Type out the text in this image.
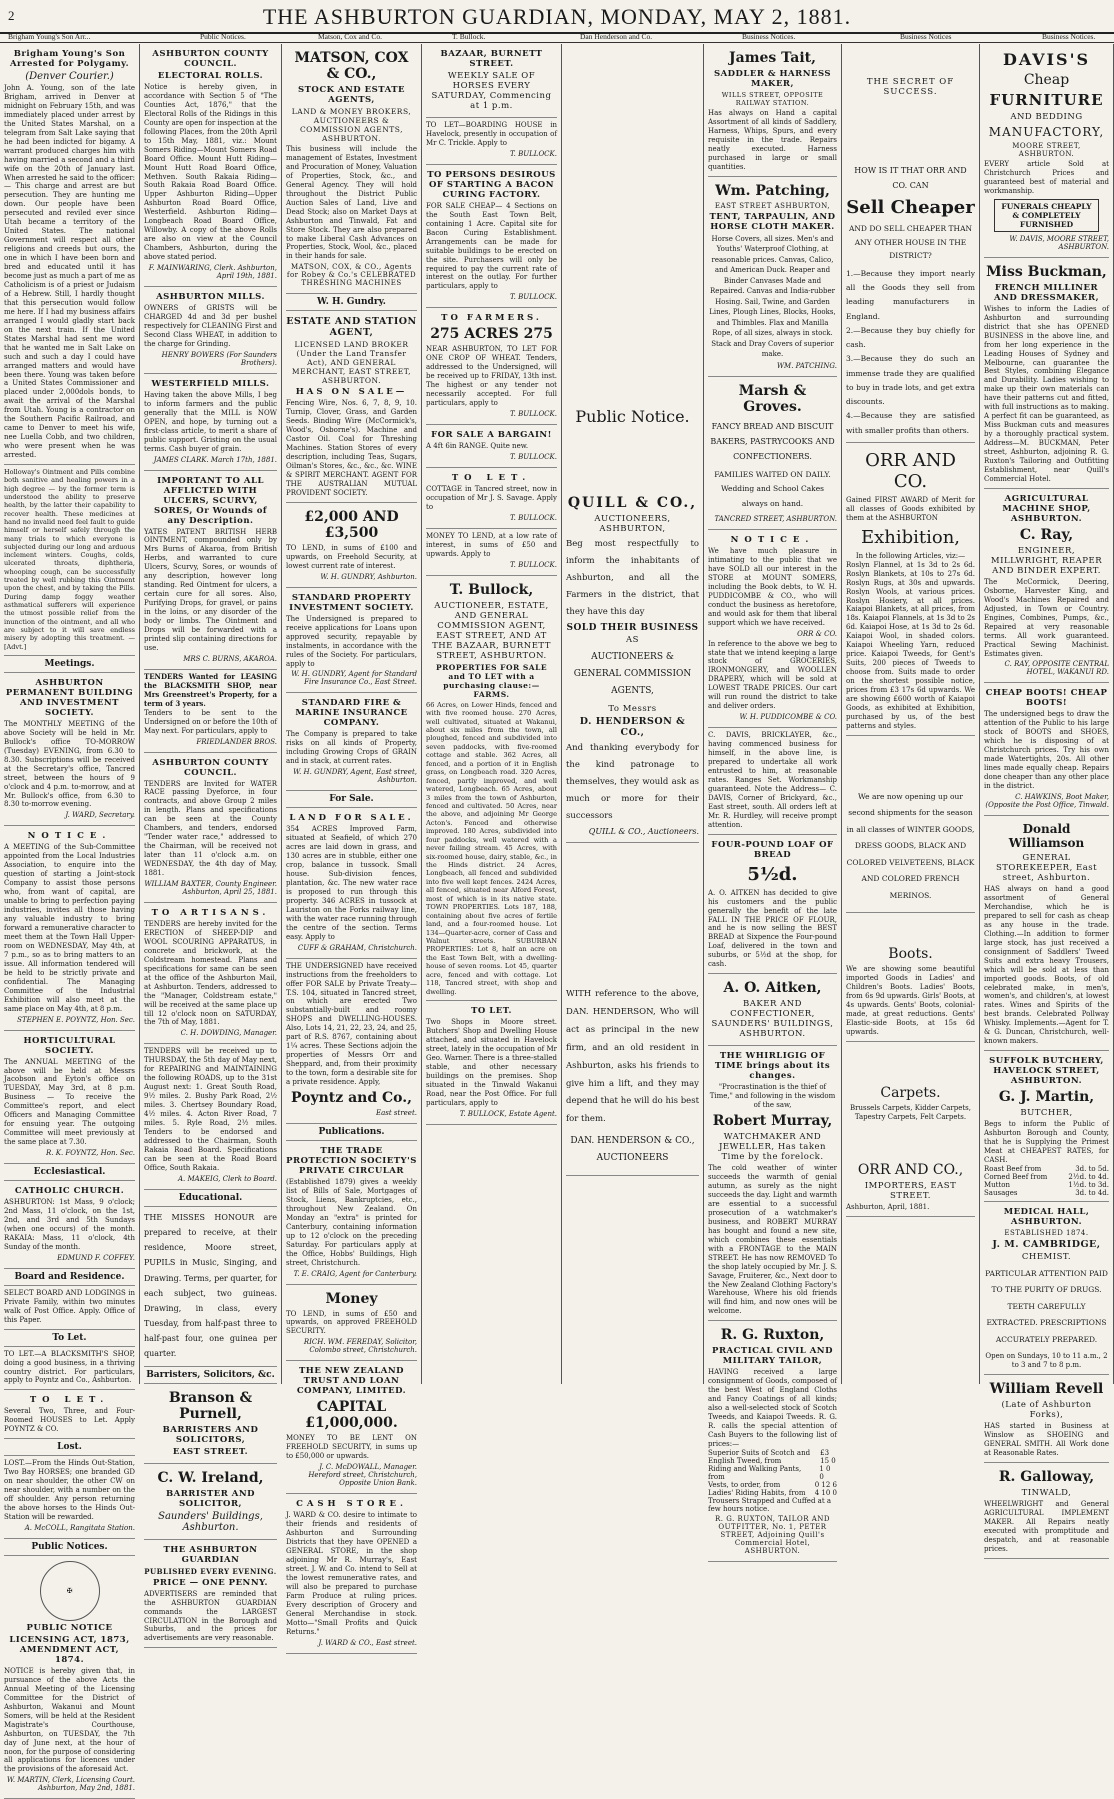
2	THE ASHBURTON GUARDIAN, MONDAY, MAY 2, 1881.
Brigham Young's Son Arr...	Public Notices.	Matson, Cox and Co.	T. Bullock.	Dan Henderson and Co.	Business Notices.	Business Notices	Business Notices.
Brigham Young's Son Arrested for Polygamy.
(Denver Courier.)
John A. Young, son of the late Brigham, arrived in Denver at midnight on February 15th, and was immediately placed under arrest by the United States Marshal, on a telegram from Salt Lake saying that he had been indicted for bigamy. A warrant produced charges him with having married a second and a third wife on the 20th of January last. When arrested he said to the officer: — This charge and arrest are but persecution. They are hunting me down. Our people have been persecuted and reviled ever since Utah became a territory of the United States. The national Government will respect all other religions and creeds but ours, the one in which I have been born and bred and educated until it has become just as much a part of me as Catholicism is of a priest or Judaism of a Hebrew. Still, I hardly thought that this persecution would follow me here. If I had my business affairs arranged I would gladly start back on the next train. If the United States Marshal had sent me word that he wanted me in Salt Lake on such and such a day I could have arranged matters and would have been there. Young was taken before a United States Commissioner and placed under 2,000dols bonds, to await the arrival of the Marshal from Utah. Young is a contractor on the Southern Pacific Railroad, and came to Denver to meet his wife, nee Luella Cobb, and two children, who were present when he was arrested.
Holloway's Ointment and Pills combine both sanitive and healing powers in a high degree — by the former term is understood the ability to preserve health, by the latter their capability to recover health. These medicines at hand no invalid need feel fault to guide himself or herself safely through the many trials to which everyone is subjected during our long and arduous inclement winters. Coughs, colds, ulcerated throats, diphtheria, whooping cough, can be successfully treated by well rubbing this Ointment upon the chest, and by taking the Pills. During damp foggy weather asthmatical sufferers will experience the utmost possible relief from the inunction of the ointment, and all who are subject to it will save endless misery by adopting this treatment. — [Advt.]
Meetings.
ASHBURTON PERMANENT BUILDING AND INVESTMENT SOCIETY.
The MONTHLY MEETING of the above Society will be held in Mr. Bullock's office TO-MORROW (Tuesday) EVENING, from 6.30 to 8.30. Subscriptions will be received at the Secretary's office, Tancred street, between the hours of 9 o'clock and 4 p.m. to-morrow, and at Mr. Bullock's office, from 6.30 to 8.30 to-morrow evening.
J. WARD, Secretary.
NOTICE.
A MEETING of the Sub-Committee appointed from the Local Industries Association, to enquire into the question of starting a Joint-stock Company to assist those persons who, from want of capital, are unable to bring to perfection paying industries, invites all those having any valuable industry to bring forward a remunerative character to meet them at the Town Hall Upper-room on WEDNESDAY, May 4th, at 7 p.m., so as to bring matters to an issue. All information tendered will be held to be strictly private and confidential. The Managing Committee of the Industrial Exhibition will also meet at the same place on May 4th, at 8 p.m.
STEPHEN E. POYNTZ, Hon. Sec.
HORTICULTURAL SOCIETY.
The ANNUAL MEETING of the above will be held at Messrs Jacobson and Eyton's office on TUESDAY, May 3rd, at 8 p.m. Business — To receive the Committee's report, and elect Officers and Managing Committee for ensuing year. The outgoing Committee will meet previously at the same place at 7.30.
R. K. FOYNTZ, Hon. Sec.
Ecclesiastical.
CATHOLIC CHURCH.
ASHBURTON: 1st Mass, 9 o'clock; 2nd Mass, 11 o'clock, on the 1st, 2nd, and 3rd and 5th Sundays (when one occurs) of the month. RAKAIA: Mass, 11 o'clock, 4th Sunday of the month.
EDMUND F. COFFEY.
Board and Residence.
SELECT BOARD AND LODGINGS in Private Family, within two minutes walk of Post Office. Apply. Office of this Paper.
To Let.
TO LET.—A BLACKSMITH'S SHOP, doing a good business, in a thriving country district. For particulars, apply to Poyntz and Co., Ashburton.
TO LET.
Several Two, Three, and Four-Roomed HOUSES to Let. Apply POYNTZ & CO.
Lost.
LOST.—From the Hinds Out-Station, Two Bay HORSES; one branded GD on near shoulder, the other CW on near shoulder, with a number on the off shoulder. Any person returning the above horses to the Hinds Out-Station will be rewarded.
A. McCOLL, Rangitata Station.
Public Notices.
✠
PUBLIC NOTICE
LICENSING ACT, 1873, AMENDMENT ACT, 1874.
NOTICE is hereby given that, in pursuance of the above Acts the Annual Meeting of the Licensing Committee for the District of Ashburton, Wakanui and Mount Somers, will be held at the Resident Magistrate's Courthouse, Ashburton, on TUESDAY, the 7th day of June next, at the hour of noon, for the purpose of considering all applications for licences under the provisions of the aforesaid Act.
W. MARTIN, Clerk, Licensing Court. Ashburton, May 2nd, 1881.
ASHBURTON COUNTY COUNCIL.
ELECTORAL ROLLS.
Notice is hereby given, in accordance with Section 5 of "The Counties Act, 1876," that the Electoral Rolls of the Ridings in this County are open for inspection at the following Places, from the 20th April to 15th May, 1881, viz.: Mount Somers Riding—Mount Somers Road Board Office. Mount Hutt Riding—Mount Hutt Road Board Office, Methven. South Rakaia Riding—South Rakaia Road Board Office. Upper Ashburton Riding—Upper Ashburton Road Board Office, Westerfield. Ashburton Riding—Longbeach Road Board Office, Willowby. A copy of the above Rolls are also on view at the Council Chambers, Ashburton, during the above stated period.
F. MAINWARING, Clerk. Ashburton, April 19th, 1881.
ASHBURTON MILLS.
OWNERS of GRISTS will be CHARGED 4d and 3d per bushel respectively for CLEANING First and Second Class WHEAT, in addition to the charge for Grinding.
HENRY BOWERS (For Saunders Brothers).
WESTERFIELD MILLS.
Having taken the above Mills, I beg to inform farmers and the public generally that the MILL is NOW OPEN, and hope, by turning out a first-class article, to merit a share of public support. Gristing on the usual terms. Cash buyer of grain.
JAMES CLARK. March 17th, 1881.
IMPORTANT TO ALL AFFLICTED WITH ULCERS, SCURVY, SORES, Or Wounds of any Description.
YATES PATENT BRITISH HERB OINTMENT, compounded only by Mrs Burns of Akaroa, from British Herbs, and warranted to cure Ulcers, Scurvy, Sores, or wounds of any description, however long standing. Red Ointment for ulcers, a certain cure for all sores. Also, Purifying Drops, for gravel, or pains in the loins, or any disorder of the body or limbs. The Ointment and Drops will be forwarded with a printed slip containing directions for use.
MRS C. BURNS, AKAROA.
TENDERS Wanted for LEASING the BLACKSMITH SHOP, near Mrs Greenstreet's Property, for a term of 3 years.
Tenders to be sent to the Undersigned on or before the 10th of May next. For particulars, apply to
FRIEDLANDER BROS.
ASHBURTON COUNTY COUNCIL.
TENDERS are Invited for WATER RACE passing Dyeforce, in four contracts, and above Group 2 miles in length. Plans and specifications can be seen at the County Chambers, and tenders, endorsed "Tender water race," addressed to the Chairman, will be received not later than 11 o'clock a.m. on WEDNESDAY, the 4th day of May, 1881.
WILLIAM BAXTER, County Engineer. Ashburton, April 25, 1881.
TO ARTISANS.
TENDERS are hereby invited for the ERECTION of SHEEP-DIP and WOOL SCOURING APPARATUS, in concrete and brickwork, at the Coldstream homestead. Plans and specifications for same can be seen at the office of the Ashburton Mail, at Ashburton. Tenders, addressed to the "Manager, Coldstream estate," will be received at the same place up till 12 o'clock noon on SATURDAY, the 7th of May, 1881.
C. H. DOWDING, Manager.
TENDERS will be received up to THURSDAY, the 5th day of May next, for REPAIRING and MAINTAINING the following ROADS, up to the 31st August next: 1. Great South Road, 9½ miles. 2. Bushy Park Road, 2½ miles. 3. Chertsey Boundary Road, 4½ miles. 4. Acton River Road, 7 miles. 5. Ryle Road, 2½ miles. Tenders to be endorsed and addressed to the Chairman, South Rakaia Road Board. Specifications can be seen at the Road Board Office, South Rakaia.
A. MAKEIG, Clerk to Board.
Educational.
THE MISSES HONOUR are prepared to receive, at their residence, Moore street, PUPILS in Music, Singing, and Drawing. Terms, per quarter, for each subject, two guineas. Drawing, in class, every Tuesday, from half-past three to half-past four, one guinea per quarter.
Barristers, Solicitors, &c.
Branson & Purnell,
BARRISTERS AND SOLICITORS,
EAST STREET.
C. W. Ireland,
BARRISTER AND SOLICITOR,
Saunders' Buildings, Ashburton.
THE ASHBURTON GUARDIAN
PUBLISHED EVERY EVENING.
PRICE — ONE PENNY.
ADVERTISERS are reminded that the ASHBURTON GUARDIAN commands the LARGEST CIRCULATION in the Borough and Suburbs, and the prices for advertisements are very reasonable.
MATSON, COX & CO.,
STOCK AND ESTATE AGENTS,
LAND & MONEY BROKERS, AUCTIONEERS & COMMISSION AGENTS, ASHBURTON.
This business will include the management of Estates, Investment and Procuration of Money, Valuation of Properties, Stock, &c., and General Agency. They will hold throughout the District Public Auction Sales of Land, Live and Dead Stock; also on Market Days at Ashburton and Tinwald, Fat and Store Stock. They are also prepared to make Liberal Cash Advances on Properties, Stock, Wool, &c., placed in their hands for sale.
MATSON, COX, & CO., Agents for Robey & Co.'s CELEBRATED THRESHING MACHINES
W. H. Gundry.
ESTATE AND STATION AGENT,
LICENSED LAND BROKER (Under the Land Transfer Act), AND GENERAL MERCHANT, EAST STREET, ASHBURTON.
HAS ON SALE—
Fencing Wire, Nos. 6, 7, 8, 9, 10. Turnip, Clover, Grass, and Garden Seeds. Binding Wire (McCormick's, Wood's, Osborne's). Machine and Castor Oil. Coal for Threshing Machines. Station Stores of every description, including Teas, Sugars, Oilman's Stores, &c., &c., &c. WINE & SPIRIT MERCHANT. AGENT FOR THE AUSTRALIAN MUTUAL PROVIDENT SOCIETY.
£2,000 AND £3,500
TO LEND, in sums of £100 and upwards, on Freehold Security, at lowest current rate of interest.
W. H. GUNDRY, Ashburton.
STANDARD PROPERTY INVESTMENT SOCIETY.
The Undersigned is prepared to receive applications for Loans upon approved security, repayable by instalments, in accordance with the rules of the Society. For particulars, apply to
W. H. GUNDRY, Agent for Standard Fire Insurance Co., East Street.
STANDARD FIRE & MARINE INSURANCE COMPANY.
The Company is prepared to take risks on all kinds of Property, including Growing Crops of GRAIN and in stack, at current rates.
W. H. GUNDRY, Agent, East street, Ashburton.
For Sale.
LAND FOR SALE.
354 ACRES Improved Farm, situated at Seafield, of which 270 acres are laid down in grass, and 130 acres are in stubble, either one crop, balance in tussock. Small house. Sub-division fences, plantation, &c. The new water race is proposed to run through this property. 346 ACRES in tussock at Lauriston on the Forks railway line, with the water race running through the centre of the section. Terms easy. Apply to
CUFF & GRAHAM, Christchurch.
THE UNDERSIGNED have received instructions from the freeholders to offer FOR SALE by Private Treaty— T.S. 104, situated in Tancred street, on which are erected Two substantially-built and roomy SHOPS and DWELLING-HOUSES. Also, Lots 14, 21, 22, 23, 24, and 25, part of R.S. 8767, containing about 1¼ acres. These Sections adjoin the properties of Messrs Orr and Sheppard, and, from their proximity to the town, form a desirable site for a private residence. Apply,
Poyntz and Co.,
East street.
Publications.
THE TRADE PROTECTION SOCIETY'S PRIVATE CIRCULAR
(Established 1879) gives a weekly list of Bills of Sale, Mortgages of Stock, Liens, Bankruptcies, etc., throughout New Zealand. On Monday an "extra" is printed for Canterbury, containing information up to 12 o'clock on the preceding Saturday. For particulars apply at the Office, Hobbs' Buildings, High street, Christchurch.
T. E. CRAIG, Agent for Canterbury.
Money
TO LEND, in sums of £50 and upwards, on approved FREEHOLD SECURITY.
RICH. WM. FEREDAY, Solicitor, Colombo street, Christchurch.
THE NEW ZEALAND TRUST AND LOAN COMPANY, LIMITED.
CAPITAL £1,000,000.
MONEY TO BE LENT ON FREEHOLD SECURITY, in sums up to £50,000 or upwards.
J. C. McDOWALL, Manager. Hereford street, Christchurch, Opposite Union Bank.
CASH STORE.
J. WARD & CO. desire to intimate to their friends and residents of Ashburton and Surrounding Districts that they have OPENED a GENERAL STORE, in the shop adjoining Mr R. Murray's, East street. J. W. and Co. intend to Sell at the lowest remunerative rates, and will also be prepared to purchase Farm Produce at ruling prices. Every description of Grocery and General Merchandise in stock. Motto—"Small Profits and Quick Returns."
J. WARD & CO., East street.
BAZAAR, BURNETT STREET.
WEEKLY SALE OF HORSES EVERY SATURDAY, Commencing at 1 p.m.
TO LET—BOARDING HOUSE in Havelock, presently in occupation of Mr C. Trickle. Apply to
T. BULLOCK.
TO PERSONS DESIROUS OF STARTING A BACON CURING FACTORY.
FOR SALE CHEAP— 4 Sections on the South East Town Belt, containing 1 Acre. Capital site for Bacon Curing Establishment. Arrangements can be made for suitable buildings to be erected on the site. Purchasers will only be required to pay the current rate of interest on the outlay. For further particulars, apply to
T. BULLOCK.
TO FARMERS.
275 ACRES 275
NEAR ASHBURTON, TO LET FOR ONE CROP OF WHEAT. Tenders, addressed to the Undersigned, will be received up to FRIDAY, 13th inst. The highest or any tender not necessarily accepted. For full particulars, apply to
T. BULLOCK.
FOR SALE A BARGAIN!
A 4ft 6in RANGE. Quite new.
T. BULLOCK.
TO LET.
COTTAGE in Tancred street, now in occupation of Mr J. S. Savage. Apply to
T. BULLOCK.
MONEY TO LEND, at a low rate of interest, in sums of £50 and upwards. Apply to
T. BULLOCK.
T. Bullock,
AUCTIONEER, ESTATE, AND GENERAL COMMISSION AGENT, EAST STREET, AND AT THE BAZAAR, BURNETT STREET, ASHBURTON.
PROPERTIES FOR SALE and TO LET with a purchasing clause:— FARMS.
66 Acres, on Lower Hinds, fenced and with five roomed house. 270 Acres, well cultivated, situated at Wakanui, about six miles from the town, all ploughed, fenced and subdivided into seven paddocks, with five-roomed cottage and stable. 362 Acres, all fenced, and a portion of it in English grass, on Longbeach road. 320 Acres, fenced, partly improved, and well watered, Longbeach. 65 Acres, about 3 miles from the town of Ashburton, fenced and cultivated. 50 Acres, near the above, and adjoining Mr George Acton's. Fenced and otherwise improved. 180 Acres, subdivided into four paddocks, well watered with a never failing stream. 45 Acres, with six-roomed house, dairy, stable, &c., in the Hinds district. 24 Acres, Longbeach, all fenced and subdivided into five well kept fences. 2424 Acres, all fenced, situated near Alford Forest, most of which is in its native state. TOWN PROPERTIES. Lots 187, 188, containing about five acres of fertile land, and a four-roomed house. Lot 134—Quarter-acre, corner of Cass and Walnut streets. SUBURBAN PROPERTIES: Lot 8, half an acre on the East Town Belt, with a dwelling-house of seven rooms. Lot 45, quarter acre, fenced and with cottage. Lot 118, Tancred street, with shop and dwelling.
TO LET.
Two Shops in Moore street. Butchers' Shop and Dwelling House attached, and situated in Havelock street, lately in the occupation of Mr Geo. Warner. There is a three-stalled stable, and other necessary buildings on the premises. Shop situated in the Tinwald Wakanui Road, near the Post Office. For full particulars, apply to
T. BULLOCK, Estate Agent.
Public Notice.
QUILL & CO.,
AUCTIONEERS, ASHBURTON,
Beg most respectfully to inform the inhabitants of Ashburton, and all the Farmers in the district, that they have this day
SOLD THEIR BUSINESS
AS
AUCTIONEERS & GENERAL COMMISSION AGENTS,
To Messrs
D. HENDERSON & CO.,
And thanking everybody for the kind patronage to themselves, they would ask as much or more for their successors
QUILL & CO., Auctioneers.
WITH reference to the above, DAN. HENDERSON, Who will act as principal in the new firm, and an old resident in Ashburton, asks his friends to give him a lift, and they may depend that he will do his best for them.
DAN. HENDERSON & CO., AUCTIONEERS
James Tait,
SADDLER & HARNESS MAKER,
WILLS STREET, OPPOSITE RAILWAY STATION.
Has always on Hand a capital Assortment of all kinds of Saddlery, Harness, Whips, Spurs, and every requisite in the trade. Repairs neatly executed. Harness purchased in large or small quantities.
Wm. Patching,
EAST STREET ASHBURTON,
TENT, TARPAULIN, AND HORSE CLOTH MAKER.
Horse Covers, all sizes. Men's and Youths' Waterproof Clothing, at reasonable prices. Canvas, Calico, and American Duck. Reaper and Binder Canvases Made and Repaired. Canvas and India-rubber Hosing. Sail, Twine, and Garden Lines, Plough Lines, Blocks, Hooks, and Thimbles. Flax and Manilla Rope, of all sizes, always in stock. Stack and Dray Covers of superior make.
WM. PATCHING.
Marsh & Groves.
FANCY BREAD AND BISCUIT BAKERS, PASTRYCOOKS AND CONFECTIONERS.
FAMILIES WAITED ON DAILY. Wedding and School Cakes always on hand.
TANCRED STREET, ASHBURTON.
NOTICE.
We have much pleasure in intimating to the public that we have SOLD all our interest in the STORE at MOUNT SOMERS, including the Book debts, to W. H. PUDDICOMBE & CO., who will conduct the business as heretofore, and would ask for them that liberal support which we have received.
ORR & CO.
In reference to the above we beg to state that we intend keeping a large stock of GROCERIES, IRONMONGERY, and WOOLLEN DRAPERY, which will be sold at LOWEST TRADE PRICES. Our cart will run round the district to take and deliver orders.
W. H. PUDDICOMBE & CO.
C. DAVIS, BRICKLAYER, &c., having commenced business for himself, in the above line, is prepared to undertake all work entrusted to him, at reasonable rates. Ranges Set. Workmanship guaranteed. Note the Address— C. DAVIS, Corner of Brickyard, &c., East street, south. All orders left at Mr. R. Hurdley, will receive prompt attention.
FOUR-POUND LOAF OF BREAD
5½d.
A. O. AITKEN has decided to give his customers and the public generally the benefit of the late FALL IN THE PRICE OF FLOUR, and he is now selling the BEST BREAD at Sixpence the Four-pound Loaf, delivered in the town and suburbs, or 5½d at the shop, for cash.
A. O. Aitken,
BAKER AND CONFECTIONER, SAUNDERS' BUILDINGS, ASHBURTON.
THE WHIRLIGIG OF TIME brings about its changes.
"Procrastination is the thief of Time," and following in the wisdom of the saw,
Robert Murray,
WATCHMAKER AND JEWELLER, Has taken Time by the forelock.
The cold weather of winter succeeds the warmth of genial autumn, as surely as the night succeeds the day. Light and warmth are essential to a successful prosecution of a watchmaker's business, and ROBERT MURRAY has bought and found a new site, which combines these essentials with a FRONTAGE to the MAIN STREET. He has now REMOVED To the shop lately occupied by Mr. J. S. Savage, Fruiterer, &c., Next door to the New Zealand Clothing Factory's Warehouse, Where his old friends will find him, and now ones will be welcome.
R. G. Ruxton,
PRACTICAL CIVIL AND MILITARY TAILOR,
HAVING received a large consignment of Goods, composed of the best West of England Cloths and Fancy Coatings of all kinds; also a well-selected stock of Scotch Tweeds, and Kaiapoi Tweeds. R. G. R. calls the special attention of Cash Buyers to the following list of prices:—
Superior Suits of Scotch and English Tweed, from
£3 15 0
Riding and Walking Pants, from
1 0 0
Vests, to order, from	0 12 6
Ladies' Riding Habits, from 4 10 0
Trousers Strapped and Cuffed at a few hours notice.
R. G. RUXTON, TAILOR AND OUTFITTER, No. 1, PETER STREET, Adjoining Quill's Commercial Hotel, ASHBURTON.
THE SECRET OF SUCCESS.
HOW IS IT THAT ORR AND CO. CAN
Sell Cheaper
AND DO SELL CHEAPER THAN ANY OTHER HOUSE IN THE DISTRICT?
1.—Because they import nearly all the Goods they sell from leading manufacturers in England.
2.—Because they buy chiefly for cash.
3.—Because they do such an immense trade they are qualified to buy in trade lots, and get extra discounts.
4.—Because they are satisfied with smaller profits than others.
ORR AND CO.
Gained FIRST AWARD of Merit for all classes of Goods exhibited by them at the ASHBURTON
Exhibition,
In the following Articles, viz:—
Roslyn Flannel, at 1s 3d to 2s 6d. Roslyn Blankets, at 10s to 27s 6d. Roslyn Rugs, at 30s and upwards. Roslyn Wools, at various prices. Roslyn Hosiery, at all prices. Kaiapoi Blankets, at all prices, from 18s. Kaiapoi Flannels, at 1s 3d to 2s 6d. Kaiapoi Hose, at 1s 3d to 2s 6d. Kaiapoi Wool, in shaded colors. Kaiapoi Wheeling Yarn, reduced price. Kaiapoi Tweeds, for Gent's Suits, 200 pieces of Tweeds to choose from. Suits made to order on the shortest possible notice, prices from £3 17s 6d upwards. We are showing £600 worth of Kaiapoi Goods, as exhibited at Exhibition, purchased by us, of the best patterns and styles.
We are now opening up our second shipments for the season in all classes of WINTER GOODS, DRESS GOODS, BLACK AND COLORED VELVETEENS, BLACK AND COLORED FRENCH MERINOS.
Boots.
We are showing some beautiful imported Goods in Ladies' and Children's Boots. Ladies' Boots, from 6s 9d upwards. Girls' Boots, at 4s upwards. Gents' Boots, colonial-made, at great reductions. Gents' Elastic-side Boots, at 15s 6d upwards.
Carpets.
Brussels Carpets, Kidder Carpets, Tapestry Carpets, Felt Carpets.
ORR AND CO.,
IMPORTERS, EAST STREET.
Ashburton, April, 1881.
DAVIS'S
Cheap
FURNITURE
AND BEDDING
MANUFACTORY,
MOORE STREET, ASHBURTON.
EVERY article Sold at Christchurch Prices and guaranteed best of material and workmanship.
FUNERALS CHEAPLY & COMPLETELY FURNISHED
W. DAVIS, MOORE STREET, ASHBURTON.
Miss Buckman,
FRENCH MILLINER AND DRESSMAKER,
Wishes to inform the Ladies of Ashburton and surrounding district that she has OPENED BUSINESS in the above line, and from her long experience in the Leading Houses of Sydney and Melbourne, can guarantee the Best Styles, combining Elegance and Durability. Ladies wishing to make up their own materials can have their patterns cut and fitted, with full instructions as to making. A perfect fit can be guaranteed, as Miss Buckman cuts and measures by a thoroughly practical system. Address—M. BUCKMAN, Peter street, Ashburton, adjoining R. G. Ruxton's Tailoring and Outfitting Establishment, near Quill's Commercial Hotel.
AGRICULTURAL MACHINE SHOP, ASHBURTON.
C. Ray,
ENGINEER, MILLWRIGHT, REAPER AND BINDER EXPERT.
The McCormick, Deering, Osborne, Harvester King, and Wood's Machines Repaired and Adjusted, in Town or Country. Engines, Combines, Pumps, &c., Repaired at very reasonable terms. All work guaranteed. Practical Sewing Machinist. Estimates given.
C. RAY, OPPOSITE CENTRAL HOTEL, WAKANUI RD.
CHEAP BOOTS! CHEAP BOOTS!
The undersigned begs to draw the attention of the Public to his large stock of BOOTS and SHOES, which he is disposing of at Christchurch prices. Try his own made Watertights, 20s. All other lines made equally cheap. Repairs done cheaper than any other place in the district.
C. HAWKINS, Boot Maker, (Opposite the Post Office, Tinwald.
Donald Williamson
GENERAL STOREKEEPER, East street, Ashburton.
HAS always on hand a good assortment of General Merchandise, which he is prepared to sell for cash as cheap as any house in the trade. Clothing.—In addition to former large stock, has just received a consignment of Saddlers' Tweed Suits and extra heavy Trousers, which will be sold at less than imported goods. Boots, of old celebrated make, in men's, women's, and children's, at lowest rates. Wines and Spirits of the best brands. Celebrated Pollway Whisky. Implements.—Agent for T. & G. Duncan, Christchurch, well-known makers.
SUFFOLK BUTCHERY, HAVELOCK STREET, ASHBURTON.
G. J. Martin,
BUTCHER,
Begs to inform the Public of Ashburton Borough and County, that he is Supplying the Primest Meat at CHEAPEST RATES, for CASH.
Roast Beef from	3d. to 5d.
Corned Beef from	2½d. to 4d.
Mutton	1½d. to 3d.
Sausages	3d. to 4d.
MEDICAL HALL, ASHBURTON.
ESTABLISHED 1874.
J. M. CAMBRIDGE,
CHEMIST.
PARTICULAR ATTENTION PAID TO THE PURITY OF DRUGS. TEETH CAREFULLY EXTRACTED. PRESCRIPTIONS ACCURATELY PREPARED.
Open on Sundays, 10 to 11 a.m., 2 to 3 and 7 to 8 p.m.
William Revell
(Late of Ashburton Forks),
HAS started in Business at Winslow as SHOEING and GENERAL SMITH. All Work done at Reasonable Rates.
R. Galloway,
TINWALD,
WHEELWRIGHT and General AGRICULTURAL IMPLEMENT MAKER. All Repairs neatly executed with promptitude and despatch, and at reasonable prices.
